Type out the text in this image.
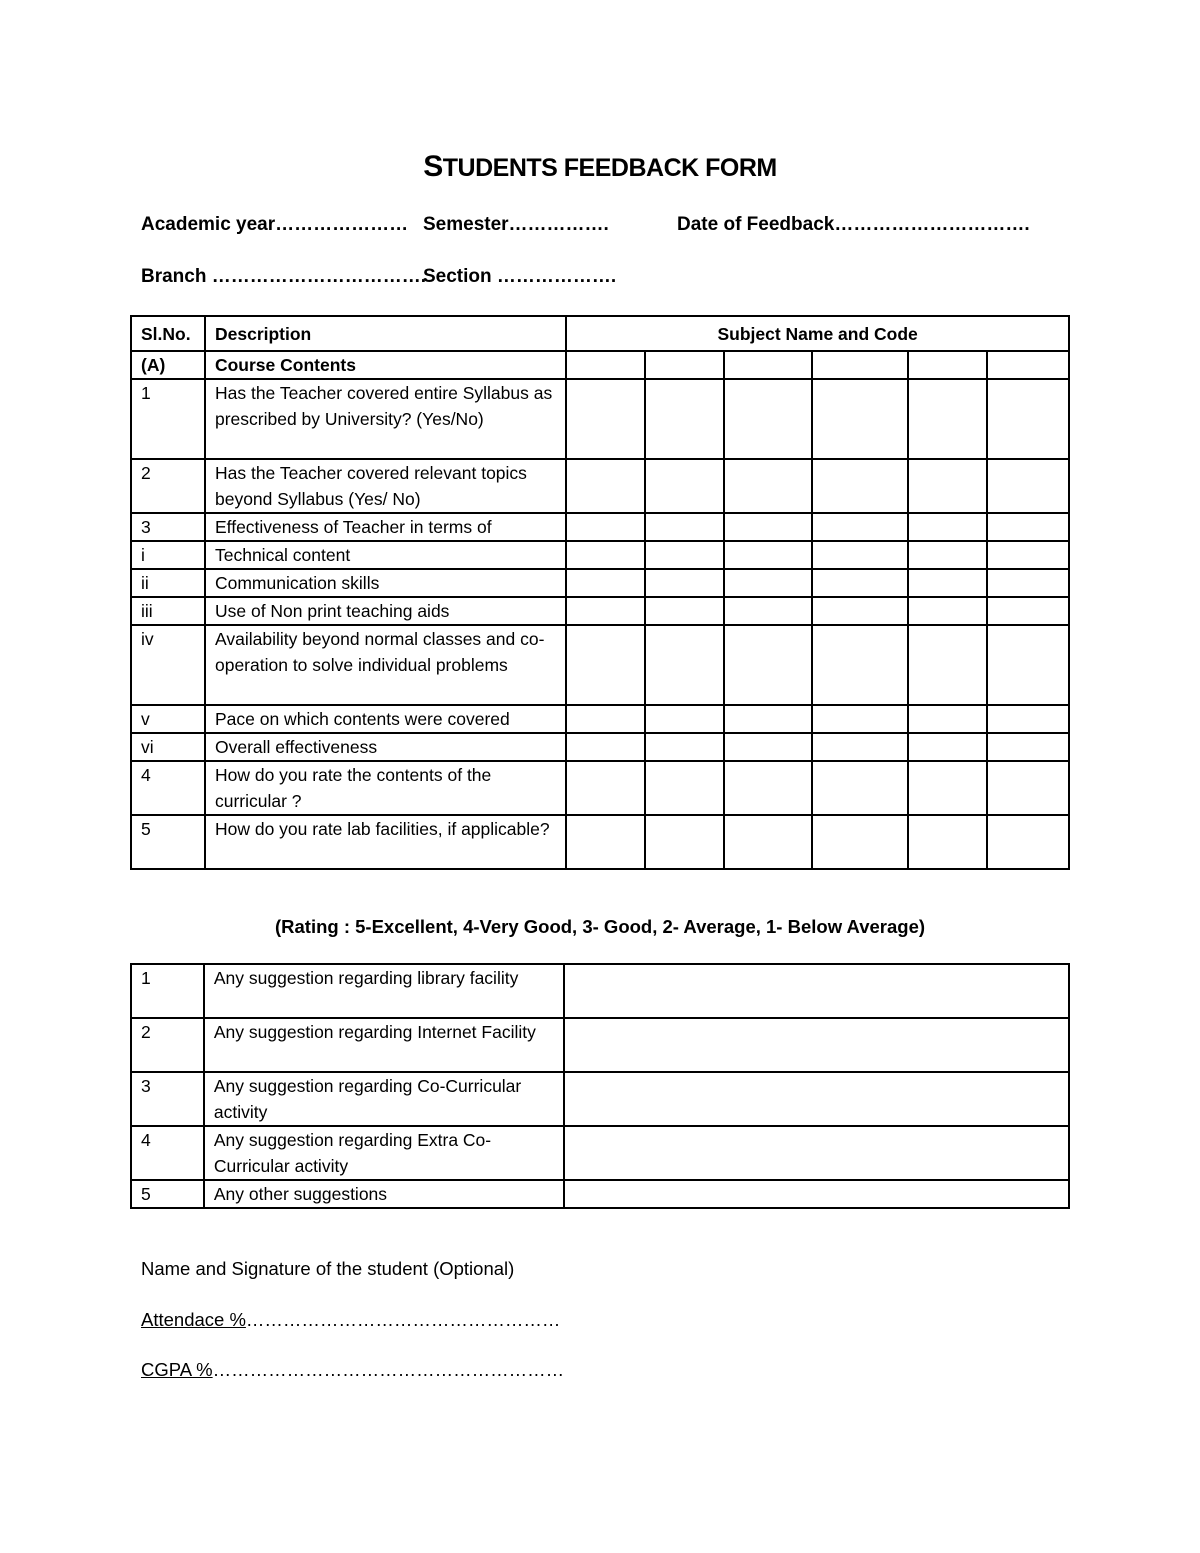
STUDENTS FEEDBACK FORM
Academic year………………… Semester…………….	Date of Feedback………………………….
Branch …………………………….
Section ……………….
Sl.No.	Description	Subject Name and Code					
(A)	Course Contents						
1	Has the Teacher covered entire Syllabus as prescribed by University? (Yes/No)						
2	Has the Teacher covered relevant topics beyond Syllabus (Yes/ No)						
3	Effectiveness of Teacher in terms of						
i	Technical content						
ii	Communication skills						
iii	Use of Non print teaching aids						
iv	Availability beyond normal classes and co-operation to solve individual problems						
v	Pace on which contents were covered						
vi	Overall effectiveness						
4	How do you rate the contents of the curricular ?						
5	How do you rate lab facilities, if applicable?						
(Rating : 5-Excellent, 4-Very Good, 3- Good, 2- Average, 1- Below Average)
1	Any suggestion regarding library facility	
2	Any suggestion regarding Internet Facility	
3	Any suggestion regarding Co-Curricular activity	
4	Any suggestion regarding Extra Co-Curricular activity	
5	Any other suggestions	
Name and Signature of the student (Optional)
Attendace %……………………………………………
CGPA %…………………………………………………
